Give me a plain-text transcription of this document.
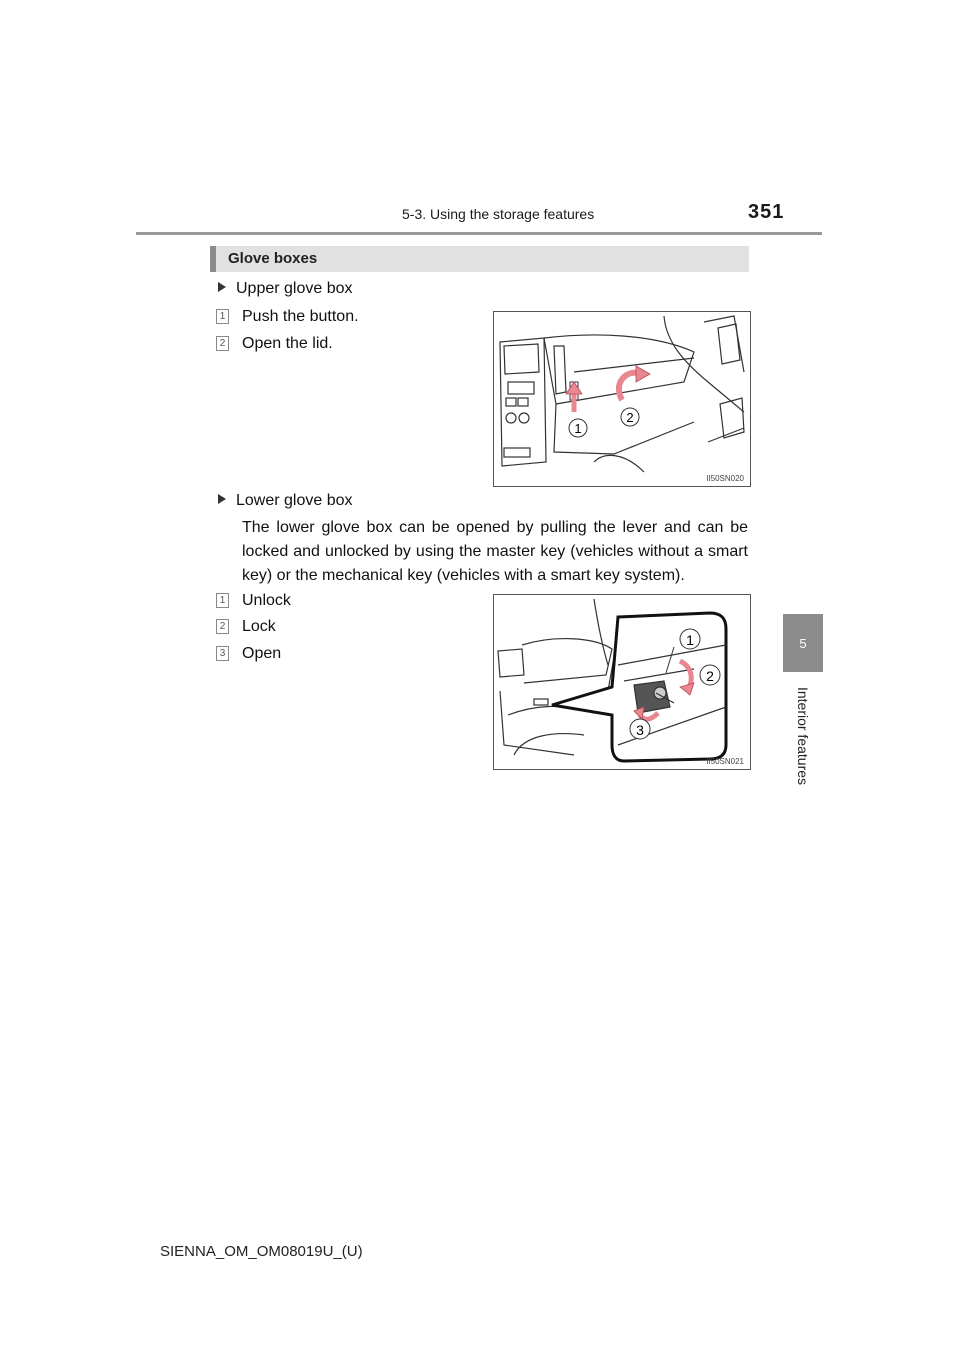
5-3. Using the storage features	351
5
Interior features
Glove boxes
Upper glove box
1 Push the button.
2 Open the lid.
1
2
II50SN020
Lower glove box
The lower glove box can be opened by pulling the lever and can be locked and unlocked by using the master key (vehicles without a smart key) or the mechanical key (vehicles with a smart key system).
1 Unlock
2 Lock
3 Open
1
2
3
II50SN021
SIENNA_OM_OM08019U_(U)
